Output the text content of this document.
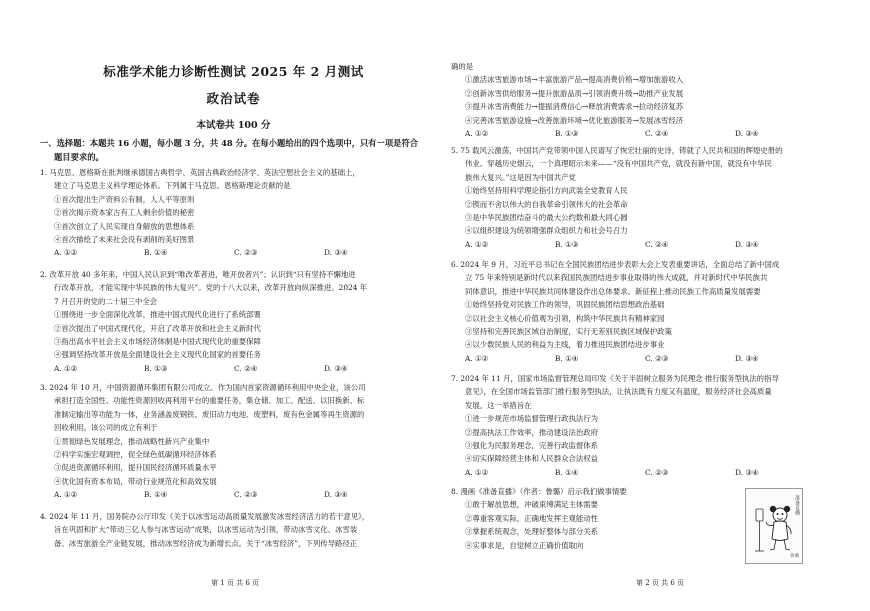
标准学术能力诊断性测试 2025 年 2 月测试
政治试卷
本试卷共 100 分
一、选择题：本题共 16 小题，每小题 3 分，共 48 分。在每小题给出的四个选项中，只有一项是符合
题目要求的。
1. 马克思、恩格斯在批判继承德国古典哲学、英国古典政治经济学、英法空想社会主义的基础上，
建立了马克思主义科学理论体系。下列属于马克思、恩格斯理论贡献的是
①首次提出生产资料公有制，人人平等原则
②首次揭示资本家古有工人剩余价值的秘密
③首次创立了人民实现自身解放的思想体系
④首次描绘了未来社会没有剥削的美好图景
A. ①②	B. ①④	C. ②③	D. ③④
2. 改革开放 40 多年来，中国人民认识到“唯改革者进，唯开放者兴”；认识到“只有坚持不懈地进
行改革开放，才能实现中华民族的伟大复兴”。党的十八大以来，改革开放向纵深推进。2024 年
7 月召开的党的二十届三中全会
①围绕进一步全面深化改革，推进中国式现代化进行了系统部署
②首次提出了中国式现代化，开启了改革开放和社会主义新时代
③指出高水平社会主义市场经济体制是中国式现代化的重要保障
④强调坚持改革开放是全面建设社会主义现代化国家的首要任务
A. ①②	B. ①③	C. ②④	D. ③④
3. 2024 年 10 月，中国资源循环集团有限公司成立。作为国内首家资源循环利用中央企业，该公司
承担打造全国性、功能性资源回收再利用平台的重要任务，集仓储、加工、配送、以旧换新、标
准制定输出等功能为一体，业务涵盖废钢铁、废旧动力电池、废塑料，废有色金属等再生资源的
回收利用。该公司的成立有利于
①贯彻绿色发展理念，推动战略性新兴产业集中
②科学实施宏观调控，促全绿色低碳循环经济体系
③促进资源循环利用，提升国民经济循环质量水平
④优化国有资本布局，带动行业规范化和高效发展
A. ①②	B. ①④	C. ②③	D. ③④
4. 2024 年 11 月，国务院办公厅印发《关于以冰雪运动高质量发展激发冰雪经济活力的若干意见》，
旨在巩固和扩大“带动三亿人参与冰雪运动”成果，以冰雪运动为引领，带动冰雪文化、冰雪装
备、冰雪旅游全产业链发展，推动冰雪经济成为新增长点。关于“冰雪经济”，下列传导路径正
第 1 页 共 6 页
确的是
①激活冰雪旅游市场→丰富旅游产品→提高消费价格→增加旅游收入
②创新冰雪供给服务→提升旅游品质→引领消费升级→助推产业发展
③提升冰雪消费能力→提振消费信心→释放消费需求→拉动经济复苏
④完善冰雪旅游设施→改善旅游环境→优化旅游服务→发展冰雪经济
A. ①②	B. ①③	C. ②④	D. ③④
5. 75 载风云激荡，中国共产党带领中国人民谱写了恢宏壮丽的史诗，铸就了人民共和国的辉煌史册的
伟业。穿越历史烟云，一个真理昭示未来——“没有中国共产党，就没有新中国，就没有中华民
族伟大复兴。”这是因为中国共产党
①始终坚持用科学理论指引方向武装全党教育人民
②锲而不舍以伟大的自我革命引领伟大的社会革命
③是中华民族团结奋斗的最大公约数和最大同心圆
④以组织建设为统领增强群众组织力和社会号召力
A. ①②	B. ①③	C. ②④	D. ③④
6. 2024 年 9 月，习近平总书记在全国民族团结进步表彰大会上发表重要讲话，全面总结了新中国成
立 75 年来特别是新时代以来我国民族团结进步事业取得的伟大成就，并对新时代中华民族共
同体意识，推进中华民族共同体建设作出总体要求。新征程上推动民族工作高质量发展需要
①始终坚持党对民族工作的领导，巩固民族团结思想政治基础
②以社会主义核心价值观为引领，构筑中华民族共有精神家园
③坚持和完善民族区域自治制度，实行无差别民族区域保护政策
④以少数民族人民的利益为主线，着力推进民族团结进步事业
A. ①②	B. ①④	C. ②③	D. ③④
7. 2024 年 11 月，国家市场监督管理总局印发《关于半固树立服务为民理念 推行服务型执法的指导
意见》，在全国市场监管部门推行服务型执法，让执法既有力度又有温度，服务经济社会高质量
发展。这一举措旨在
①进一步规范市场监督管理行政执法行为
②提高执法工作效率，推动建设法治政府
③强化为民服务理念，完善行政监督体系
④切实保障经营主体和人民群众合法权益
A. ①②	B. ①④	C. ②③	D. ③④
8. 漫画《准备直播》（作者：鲁璐）启示我们做事情要
①敢于解放思想，冲破束缚满足主体需要
②尊重客观实际，正确地发挥主观能动性
③掌握系统观念，处理好整体与部分关系
④实事求是，自觉树立正确价值取向
准备直播
鲁璐
第 2 页 共 6 页
